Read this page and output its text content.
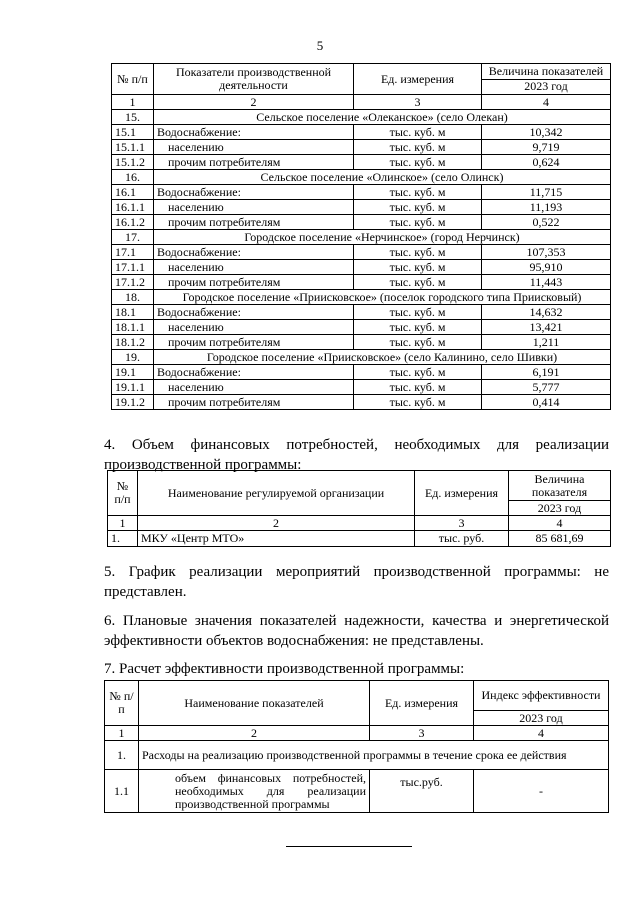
5
№ п/п	Показатели производственной деятельности	Ед. измерения	Величина показателей
			2023 год
1	2	3	4
15.	Сельское поселение «Олеканское» (село Олекан)		
15.1	Водоснабжение:	тыс. куб. м	10,342
15.1.1	населению	тыс. куб. м	9,719
15.1.2	прочим потребителям	тыс. куб. м	0,624
16.	Сельское поселение «Олинское» (село Олинск)		
16.1	Водоснабжение:	тыс. куб. м	11,715
16.1.1	населению	тыс. куб. м	11,193
16.1.2	прочим потребителям	тыс. куб. м	0,522
17.	Городское поселение «Нерчинское» (город Нерчинск)		
17.1	Водоснабжение:	тыс. куб. м	107,353
17.1.1	населению	тыс. куб. м	95,910
17.1.2	прочим потребителям	тыс. куб. м	11,443
18.	Городское поселение «Приисковское» (поселок городского типа Приисковый)		
18.1	Водоснабжение:	тыс. куб. м	14,632
18.1.1	населению	тыс. куб. м	13,421
18.1.2	прочим потребителям	тыс. куб. м	1,211
19.	Городское поселение «Приисковское» (село Калинино, село Шивки)		
19.1	Водоснабжение:	тыс. куб. м	6,191
19.1.1	населению	тыс. куб. м	5,777
19.1.2	прочим потребителям	тыс. куб. м	0,414
4. Объем финансовых потребностей, необходимых для реализации
производственной программы:
№ п/п	Наименование регулируемой организации	Ед. измерения	Величина показателя
			2023 год
1	2	3	4
1.	МКУ «Центр МТО»	тыс. руб.	85 681,69
5. График реализации мероприятий производственной программы: не
представлен.
6. Плановые значения показателей надежности, качества и энергетической
эффективности объектов водоснабжения: не представлены.
7. Расчет эффективности производственной программы:
№ п/п	Наименование показателей	Ед. измерения	Индекс эффективности
			2023 год
1	2	3	4
1.	Расходы на реализацию производственной программы в течение срока ее действия		
1.1	объем финансовых потребностей, необходимых для реализации производственной программы	тыс.руб.	-
